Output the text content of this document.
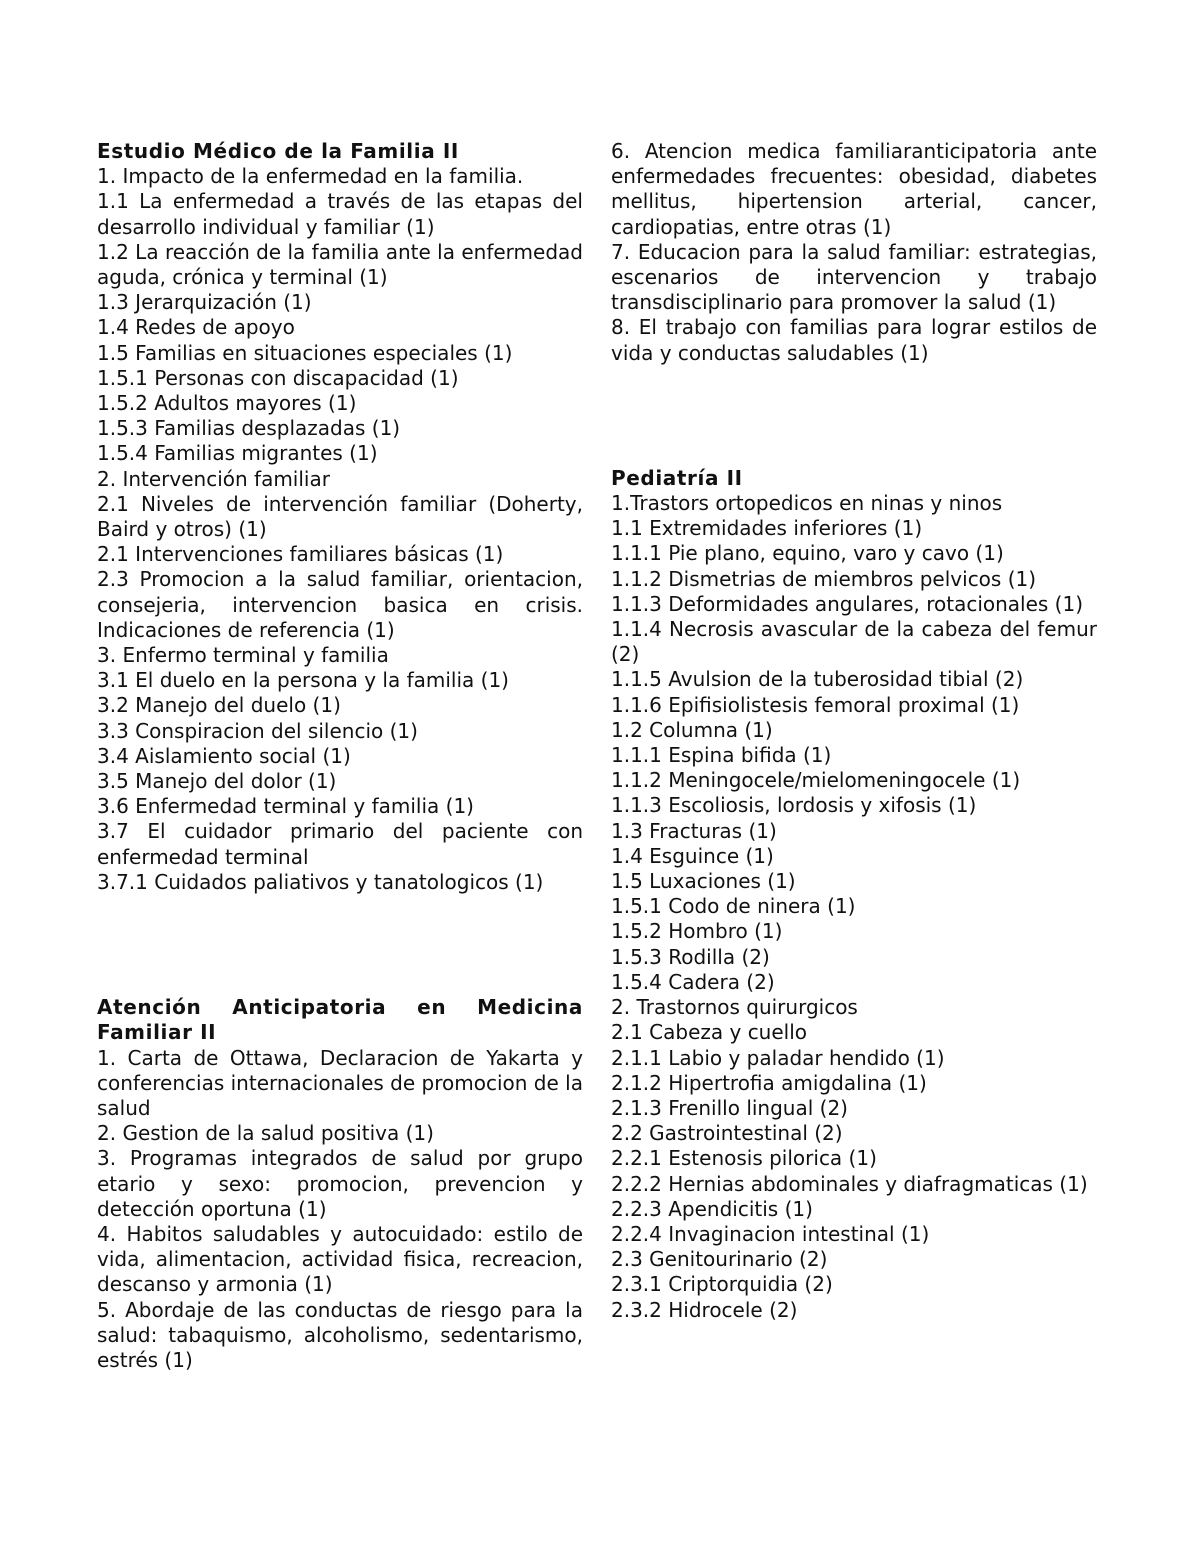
Estudio Médico de la Familia II
1. Impacto de la enfermedad en la familia.
1.1 La enfermedad a través de las etapas del desarrollo individual y familiar (1)
1.2 La reacción de la familia ante la enfermedad aguda, crónica y terminal (1)
1.3 Jerarquización (1)
1.4 Redes de apoyo
1.5 Familias en situaciones especiales (1)
1.5.1 Personas con discapacidad (1)
1.5.2 Adultos mayores (1)
1.5.3 Familias desplazadas (1)
1.5.4 Familias migrantes (1)
2. Intervención familiar
2.1 Niveles de intervención familiar (Doherty, Baird y otros) (1)
2.1 Intervenciones familiares básicas (1)
2.3 Promocion a la salud familiar, orientacion, consejeria, intervencion basica en crisis. Indicaciones de referencia (1)
3. Enfermo terminal y familia
3.1 El duelo en la persona y la familia (1)
3.2 Manejo del duelo (1)
3.3 Conspiracion del silencio (1)
3.4 Aislamiento social (1)
3.5 Manejo del dolor (1)
3.6 Enfermedad terminal y familia (1)
3.7 El cuidador primario del paciente con enfermedad terminal
3.7.1 Cuidados paliativos y tanatologicos (1)
Atención Anticipatoria en Medicina Familiar II
1. Carta de Ottawa, Declaracion de Yakarta y conferencias internacionales de promocion de la salud
2. Gestion de la salud positiva (1)
3. Programas integrados de salud por grupo etario y sexo: promocion, prevencion y detección oportuna (1)
4. Habitos saludables y autocuidado: estilo de vida, alimentacion, actividad fisica, recreacion, descanso y armonia (1)
5. Abordaje de las conductas de riesgo para la salud: tabaquismo, alcoholismo, sedentarismo, estrés (1)
6. Atencion medica familiaranticipatoria ante enfermedades frecuentes: obesidad, diabetes mellitus, hipertension arterial, cancer, cardiopatias, entre otras (1)
7. Educacion para la salud familiar: estrategias, escenarios de intervencion y trabajo transdisciplinario para promover la salud (1)
8. El trabajo con familias para lograr estilos de vida y conductas saludables (1)
Pediatría II
1.Trastors ortopedicos en ninas y ninos
1.1 Extremidades inferiores (1)
1.1.1 Pie plano, equino, varo y cavo (1)
1.1.2 Dismetrias de miembros pelvicos (1)
1.1.3 Deformidades angulares, rotacionales (1)
1.1.4 Necrosis avascular de la cabeza del femur (2)
1.1.5 Avulsion de la tuberosidad tibial (2)
1.1.6 Epifisiolistesis femoral proximal (1)
1.2 Columna (1)
1.1.1 Espina bifida (1)
1.1.2 Meningocele/mielomeningocele (1)
1.1.3 Escoliosis, lordosis y xifosis (1)
1.3 Fracturas (1)
1.4 Esguince (1)
1.5 Luxaciones (1)
1.5.1 Codo de ninera (1)
1.5.2 Hombro (1)
1.5.3 Rodilla (2)
1.5.4 Cadera (2)
2. Trastornos quirurgicos
2.1 Cabeza y cuello
2.1.1 Labio y paladar hendido (1)
2.1.2 Hipertrofia amigdalina (1)
2.1.3 Frenillo lingual (2)
2.2 Gastrointestinal (2)
2.2.1 Estenosis pilorica (1)
2.2.2 Hernias abdominales y diafragmaticas (1)
2.2.3 Apendicitis (1)
2.2.4 Invaginacion intestinal (1)
2.3 Genitourinario (2)
2.3.1 Criptorquidia (2)
2.3.2 Hidrocele (2)
